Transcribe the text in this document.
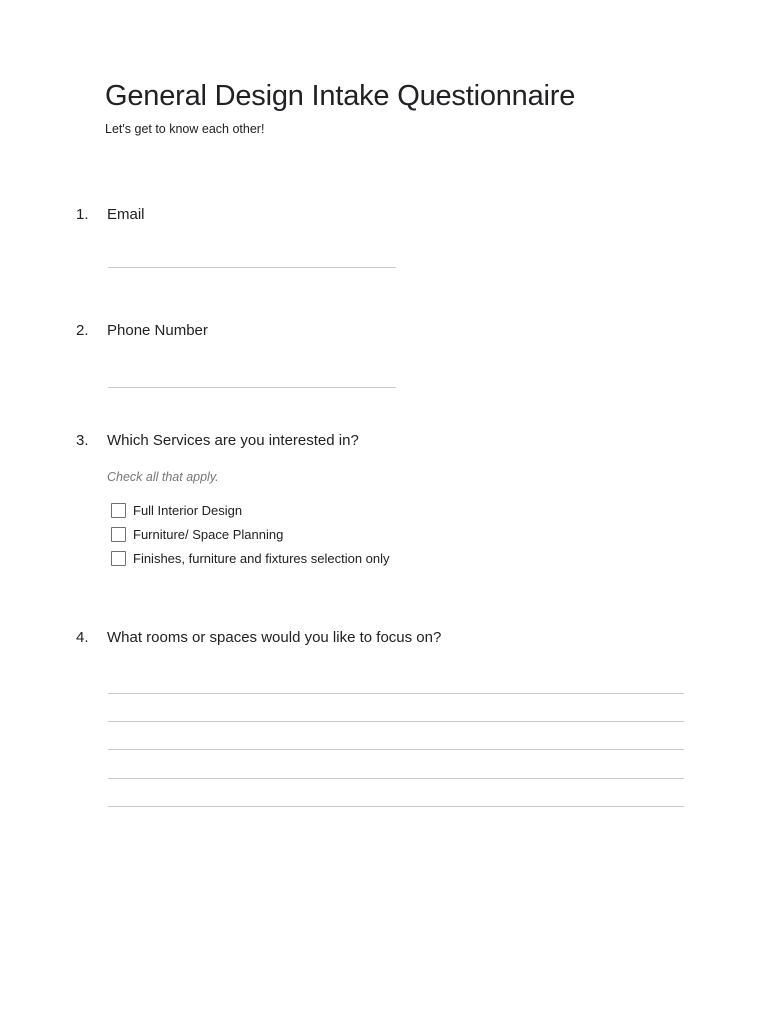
General Design Intake Questionnaire
Let's get to know each other!
1. Email
2. Phone Number
3. Which Services are you interested in?
Check all that apply.
Full Interior Design
Furniture/ Space Planning
Finishes, furniture and fixtures selection only
4. What rooms or spaces would you like to focus on?
